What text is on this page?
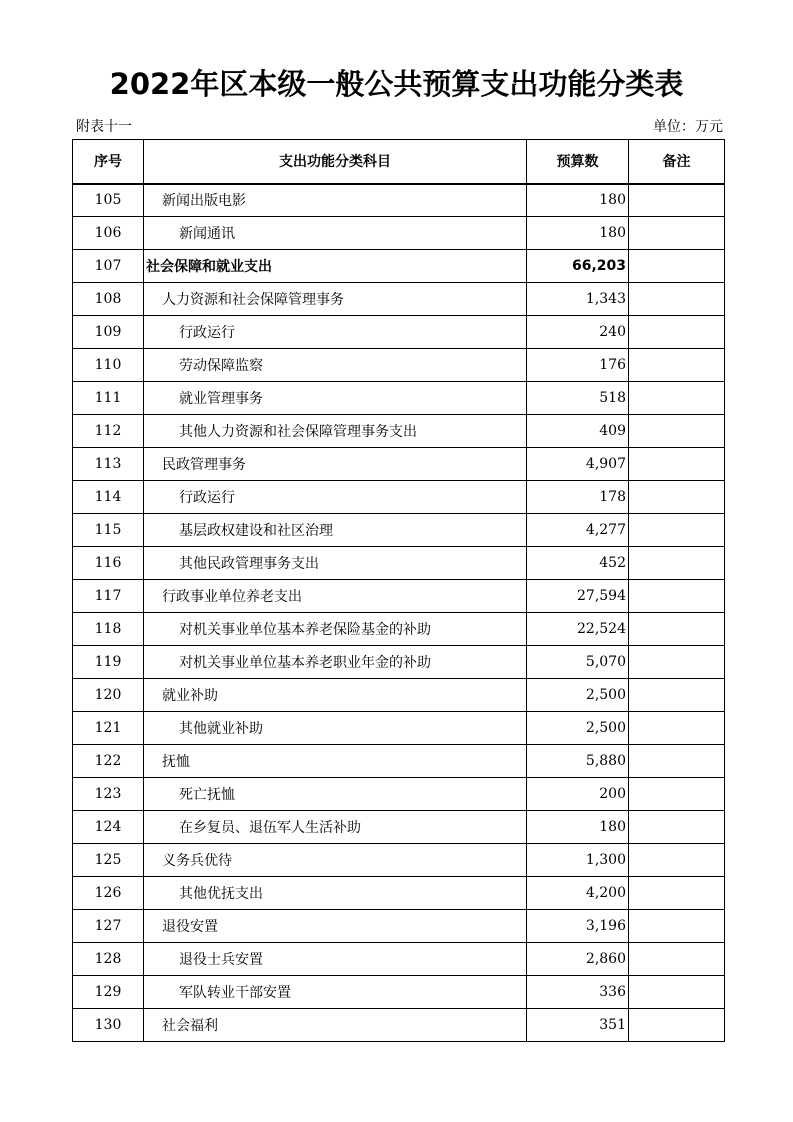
2022年区本级一般公共预算支出功能分类表
附表十一	单位：万元
序号	支出功能分类科目	预算数	备注
105	新闻出版电影	180	
106	新闻通讯	180	
107	社会保障和就业支出	66,203	
108	人力资源和社会保障管理事务	1,343	
109	行政运行	240	
110	劳动保障监察	176	
111	就业管理事务	518	
112	其他人力资源和社会保障管理事务支出	409	
113	民政管理事务	4,907	
114	行政运行	178	
115	基层政权建设和社区治理	4,277	
116	其他民政管理事务支出	452	
117	行政事业单位养老支出	27,594	
118	对机关事业单位基本养老保险基金的补助	22,524	
119	对机关事业单位基本养老职业年金的补助	5,070	
120	就业补助	2,500	
121	其他就业补助	2,500	
122	抚恤	5,880	
123	死亡抚恤	200	
124	在乡复员、退伍军人生活补助	180	
125	义务兵优待	1,300	
126	其他优抚支出	4,200	
127	退役安置	3,196	
128	退役士兵安置	2,860	
129	军队转业干部安置	336	
130	社会福利	351	
